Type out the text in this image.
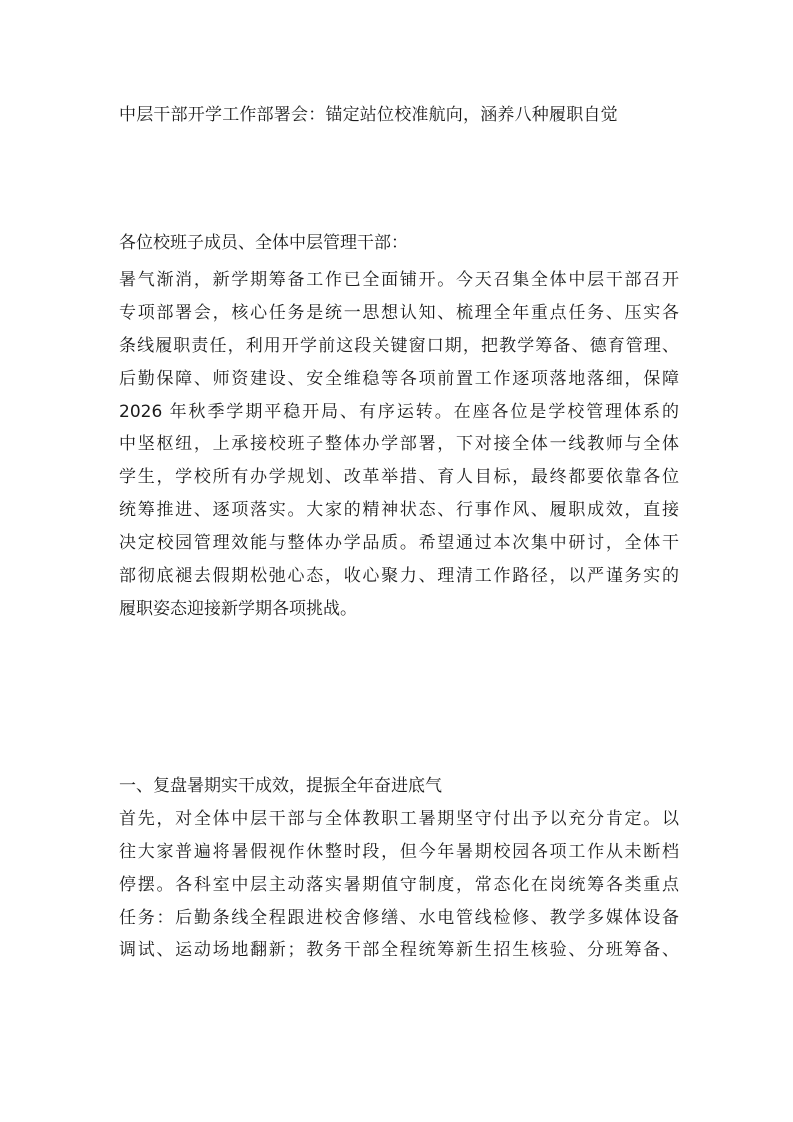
中层干部开学工作部署会：锚定站位校准航向，涵养八种履职自觉
各位校班子成员、全体中层管理干部：
暑气渐消，新学期筹备工作已全面铺开。今天召集全体中层干部召开
专项部署会，核心任务是统一思想认知、梳理全年重点任务、压实各
条线履职责任，利用开学前这段关键窗口期，把教学筹备、德育管理、
后勤保障、师资建设、安全维稳等各项前置工作逐项落地落细，保障
2026 年秋季学期平稳开局、有序运转。在座各位是学校管理体系的
中坚枢纽，上承接校班子整体办学部署，下对接全体一线教师与全体
学生，学校所有办学规划、改革举措、育人目标，最终都要依靠各位
统筹推进、逐项落实。大家的精神状态、行事作风、履职成效，直接
决定校园管理效能与整体办学品质。希望通过本次集中研讨，全体干
部彻底褪去假期松弛心态，收心聚力、理清工作路径，以严谨务实的
履职姿态迎接新学期各项挑战。
一、复盘暑期实干成效，提振全年奋进底气
首先，对全体中层干部与全体教职工暑期坚守付出予以充分肯定。以
往大家普遍将暑假视作休整时段，但今年暑期校园各项工作从未断档
停摆。各科室中层主动落实暑期值守制度，常态化在岗统筹各类重点
任务：后勤条线全程跟进校舍修缮、水电管线检修、教学多媒体设备
调试、运动场地翻新；教务干部全程统筹新生招生核验、分班筹备、
